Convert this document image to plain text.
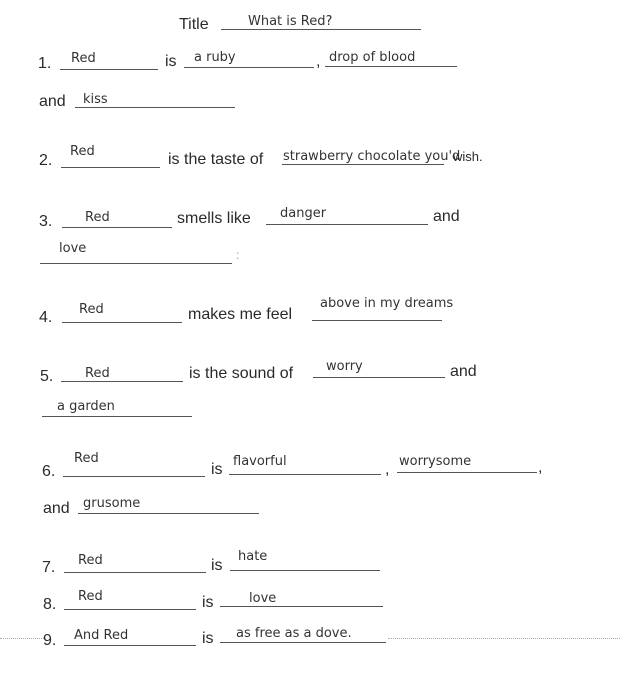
Title	What is Red?
1. Red	is a ruby	, drop of blood
and kiss
2.
Red	is the taste of strawberry chocolate you'd
wish.
3.	Red	smells like danger	and
love	:
4. Red	makes me feel
above in my dreams
5. Red	is the sound of	worry	and
a garden
6.
Red
is flavorful	, worrysome	,
and grusome
7. Red	is
hate
8. Red	is	love
9. And Red	is as free as a dove.
